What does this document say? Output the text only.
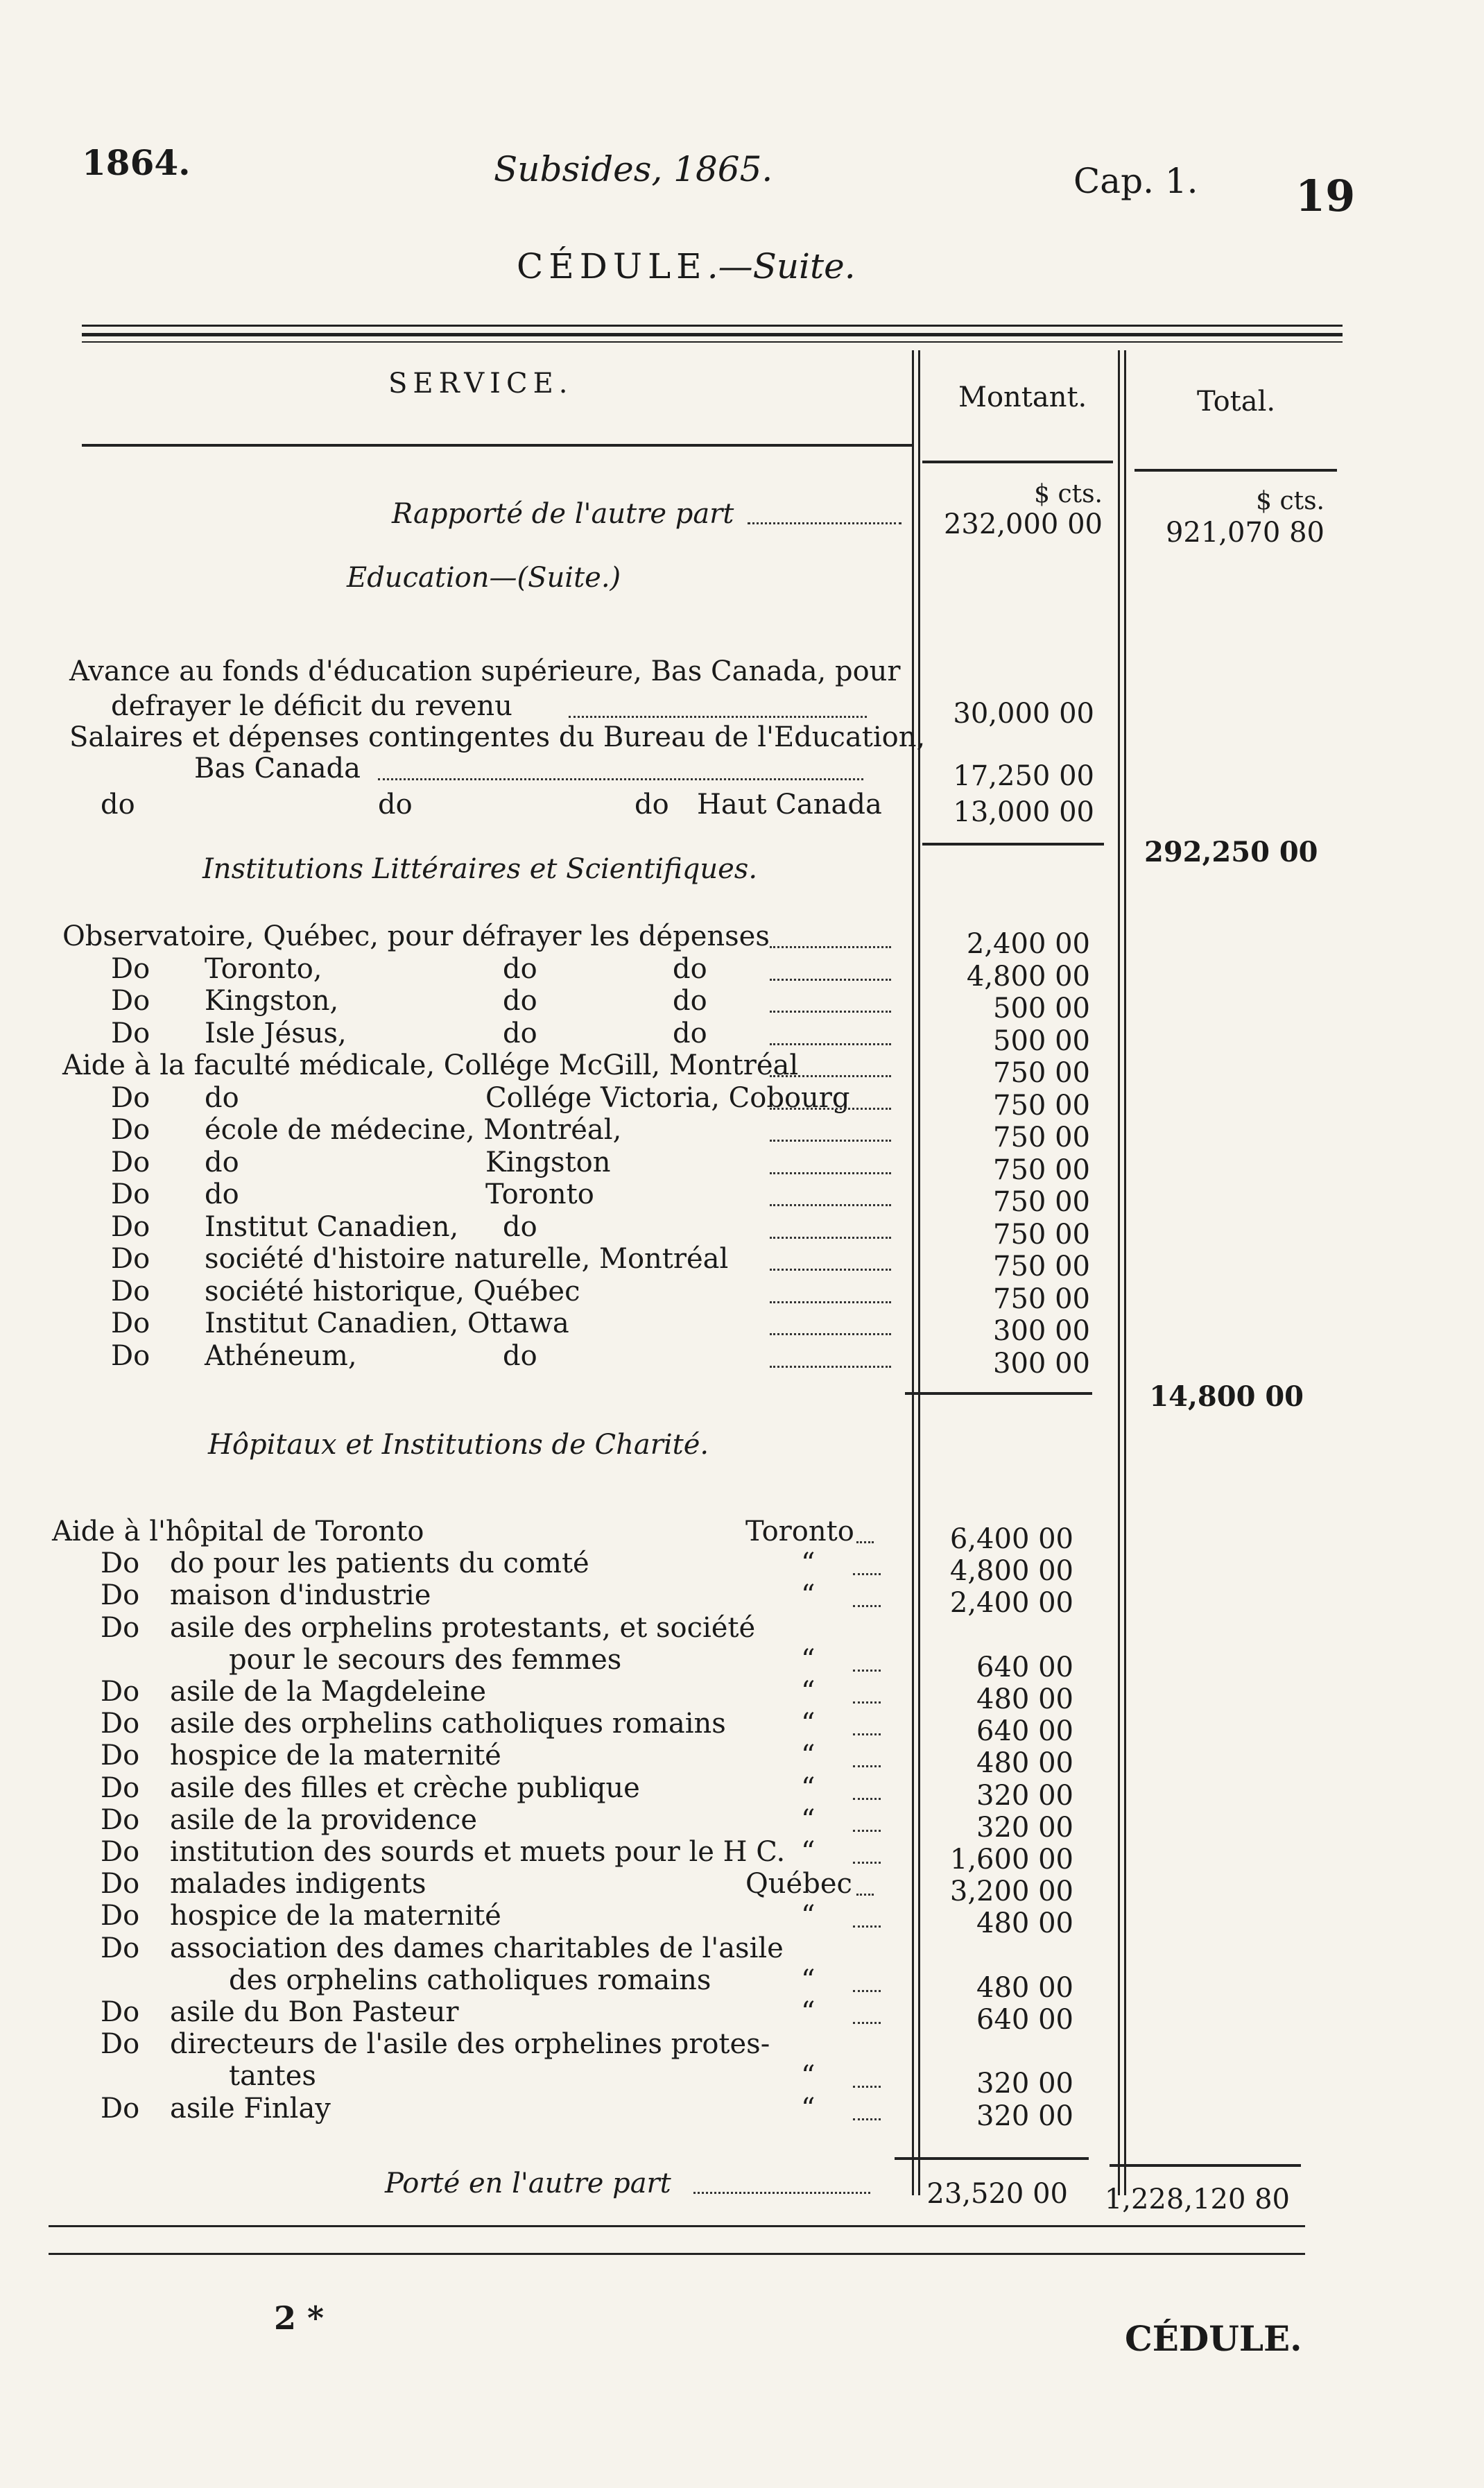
1864.	Subsides, 1865.	Cap. 1. 19
CÉDULE.—Suite.
SERVICE.	Montant.	Total.
$ cts.	$ cts.
Rapporté de l'autre part	232,000 00	921,070 80
Education—(Suite.)
Avance au fonds d'éducation supérieure, Bas Canada, pour
defrayer le déficit du revenu	30,000 00
Salaires et dépenses contingentes du Bureau de l'Education,
Bas Canada	17,250 00
do	do	do Haut Canada	13,000 00
292,250 00
Institutions Littéraires et Scientifiques.
Observatoire, Québec, pour défrayer les dépenses	2,400 00
Do Toronto,	do	do	4,800 00
Do Kingston,	do	do	500 00
Do Isle Jésus,	do	do	500 00
Aide à la faculté médicale, Collége McGill, Montréal	750 00
Do do	Collége Victoria, Cobourg	750 00
Do école de médecine, Montréal,	750 00
Do do	Kingston	750 00
Do do	Toronto	750 00
Do Institut Canadien, do	750 00
Do société d'histoire naturelle, Montréal	750 00
Do société historique, Québec	750 00
Do Institut Canadien, Ottawa	300 00
Do Athéneum,	do	300 00
14,800 00
Hôpitaux et Institutions de Charité.
Aide à l'hôpital de Toronto	Toronto	6,400 00
Do do pour les patients du comté	“	4,800 00
Do maison d'industrie	“	2,400 00
Do asile des orphelins protestants, et société
pour le secours des femmes	“	640 00
Do asile de la Magdeleine	“	480 00
Do asile des orphelins catholiques romains	“	640 00
Do hospice de la maternité	“	480 00
Do asile des filles et crèche publique	“	320 00
Do asile de la providence	“	320 00
Do institution des sourds et muets pour le H C. “	1,600 00
Do malades indigents	Québec	3,200 00
Do hospice de la maternité	“	480 00
Do association des dames charitables de l'asile
des orphelins catholiques romains	“	480 00
Do asile du Bon Pasteur	“	640 00
Do directeurs de l'asile des orphelines protes-
tantes	“	320 00
Do asile Finlay	“	320 00
Porté en l'autre part	23,520 00 1,228,120 80
2 *	CÉDULE.
